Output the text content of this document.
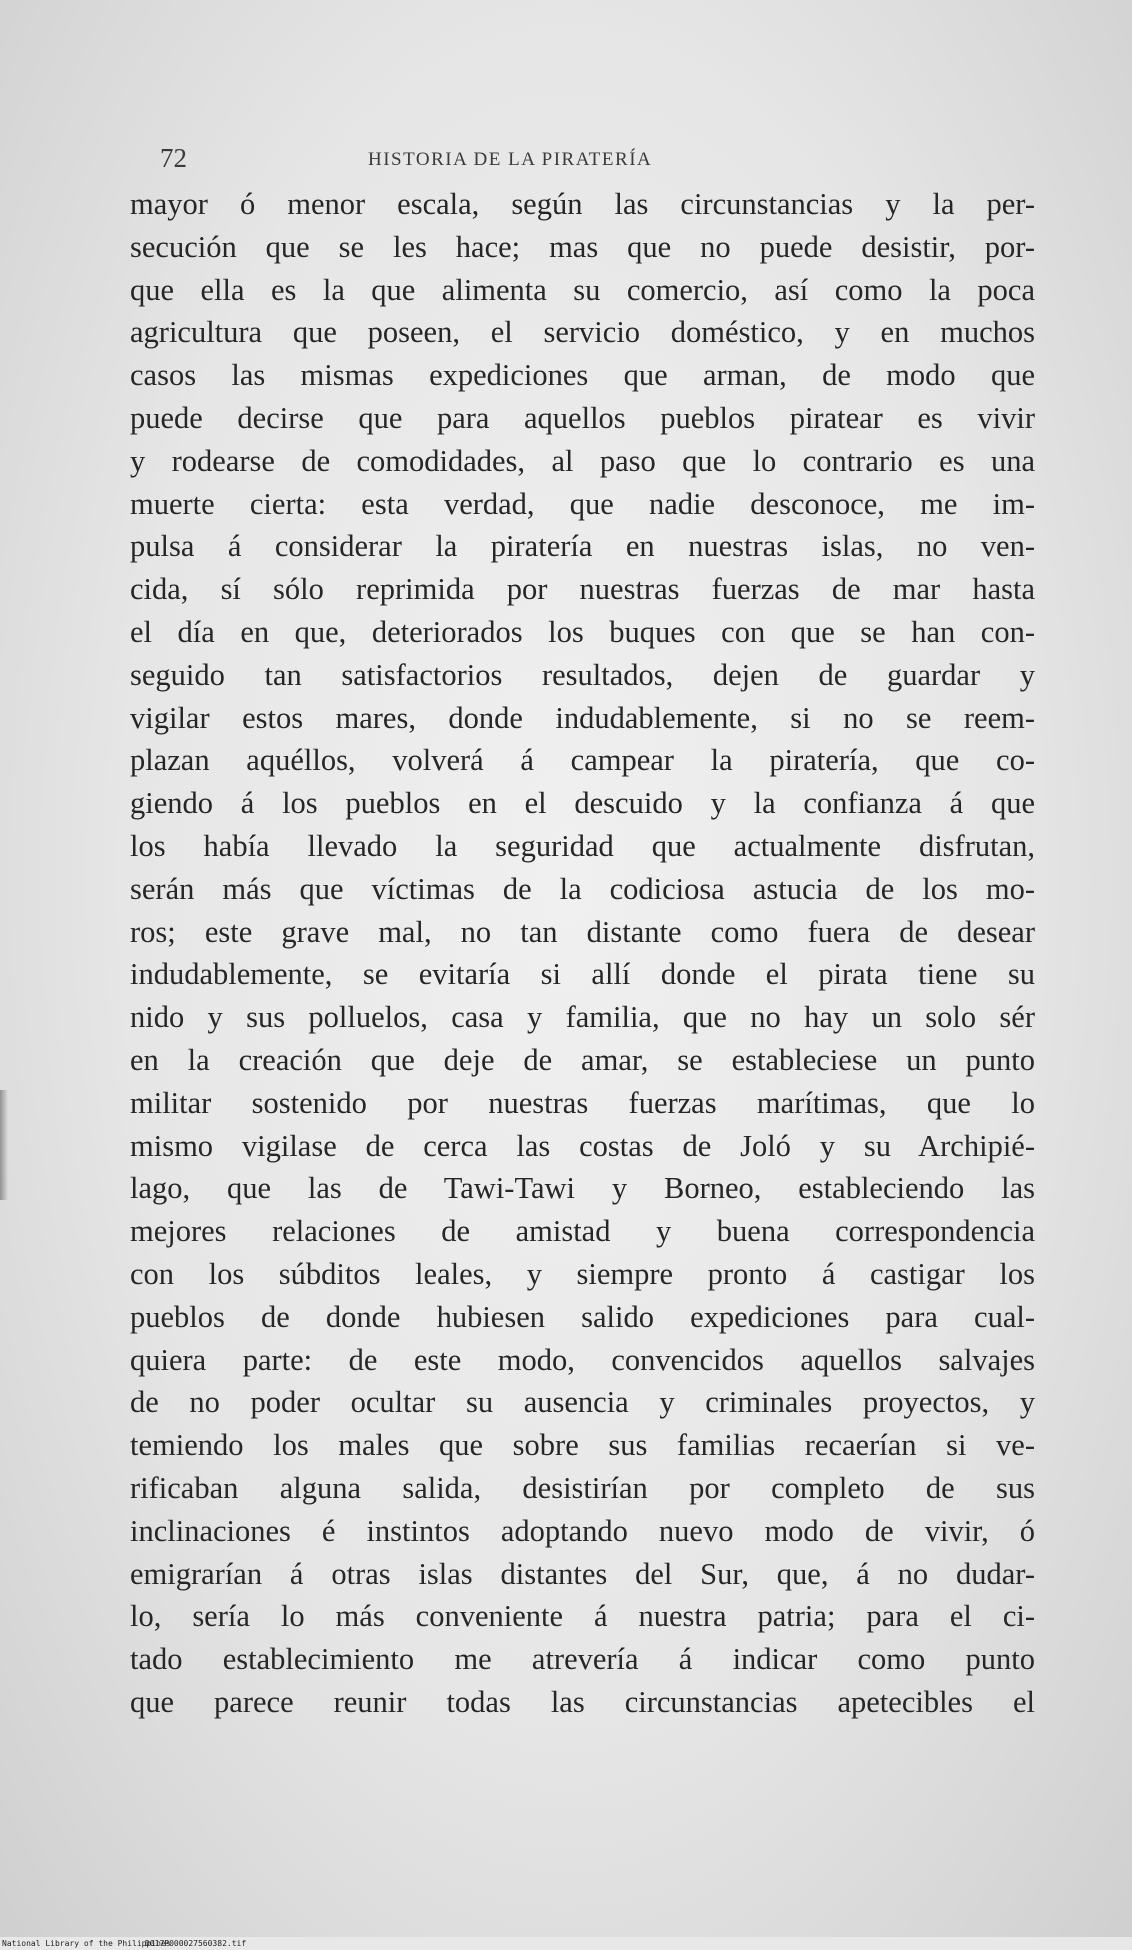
72	HISTORIA DE LA PIRATERÍA
mayor ó menor escala, según las circunstancias y la per-
secución que se les hace; mas que no puede desistir, por-
que ella es la que alimenta su comercio, así como la poca
agricultura que poseen, el servicio doméstico, y en muchos
casos las mismas expediciones que arman, de modo que
puede decirse que para aquellos pueblos piratear es vivir
y rodearse de comodidades, al paso que lo contrario es una
muerte cierta: esta verdad, que nadie desconoce, me im-
pulsa á considerar la piratería en nuestras islas, no ven-
cida, sí sólo reprimida por nuestras fuerzas de mar hasta
el día en que, deteriorados los buques con que se han con-
seguido tan satisfactorios resultados, dejen de guardar y
vigilar estos mares, donde indudablemente, si no se reem-
plazan aquéllos, volverá á campear la piratería, que co-
giendo á los pueblos en el descuido y la confianza á que
los había llevado la seguridad que actualmente disfrutan,
serán más que víctimas de la codiciosa astucia de los mo-
ros; este grave mal, no tan distante como fuera de desear
indudablemente, se evitaría si allí donde el pirata tiene su
nido y sus polluelos, casa y familia, que no hay un solo sér
en la creación que deje de amar, se estableciese un punto
militar sostenido por nuestras fuerzas marítimas, que lo
mismo vigilase de cerca las costas de Joló y su Archipié-
lago, que las de Tawi-Tawi y Borneo, estableciendo las
mejores relaciones de amistad y buena correspondencia
con los súbditos leales, y siempre pronto á castigar los
pueblos de donde hubiesen salido expediciones para cual-
quiera parte: de este modo, convencidos aquellos salvajes
de no poder ocultar su ausencia y criminales proyectos, y
temiendo los males que sobre sus familias recaerían si ve-
rificaban alguna salida, desistirían por completo de sus
inclinaciones é instintos adoptando nuevo modo de vivir, ó
emigrarían á otras islas distantes del Sur, que, á no dudar-
lo, sería lo más conveniente á nuestra patria; para el ci-
tado establecimiento me atrevería á indicar como punto
que parece reunir todas las circunstancias apetecibles el
National Library of the Philippines
D017P000027560382.tif
